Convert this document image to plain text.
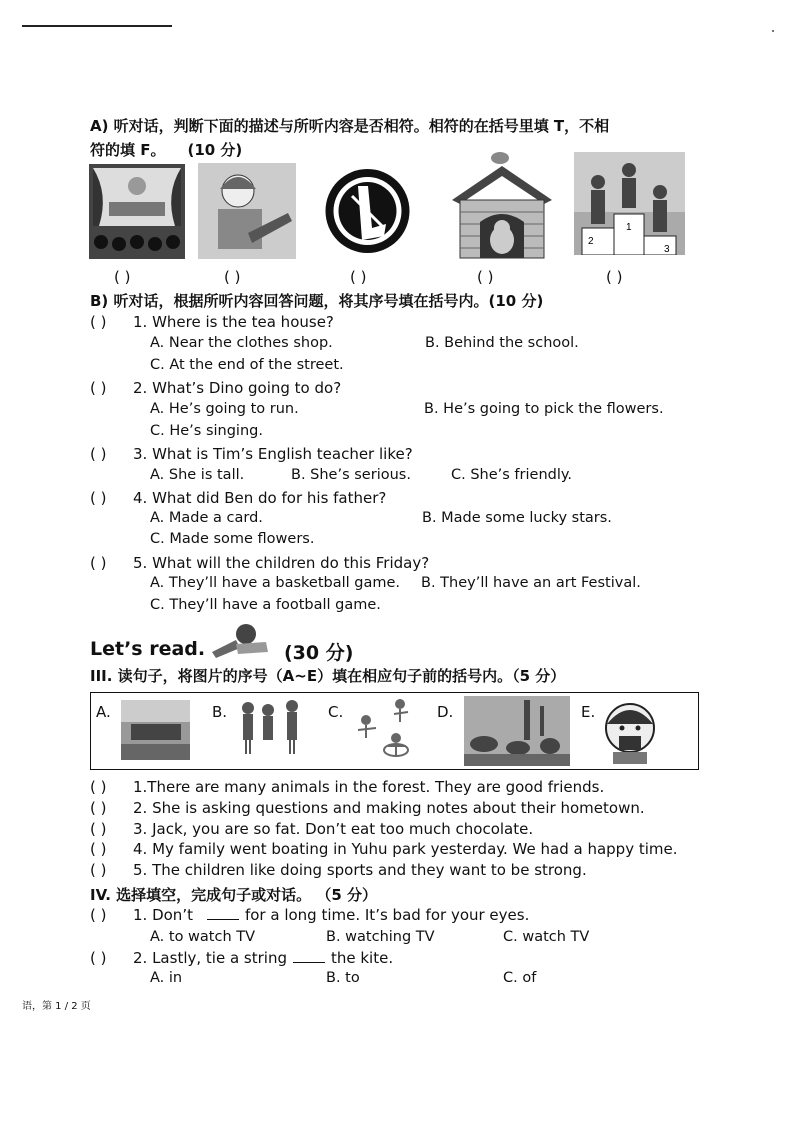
A) 听对话，判断下面的描述与所听内容是否相符。相符的在括号里填 T，不相
符的填 F。 (10 分)
1
2
3
( )	( )	( )	( )	( )
B) 听对话，根据所听内容回答问题，将其序号填在括号内。(10 分)
( ) 1. Where is the tea house?
A. Near the clothes shop.	B. Behind the school.
C. At the end of the street.
( ) 2. What’s Dino going to do?
A. He’s going to run.	B. He’s going to pick the flowers.
C. He’s singing.
( ) 3. What is Tim’s English teacher like?
A. She is tall.	B. She’s serious.	C. She’s friendly.
( ) 4. What did Ben do for his father?
A. Made a card.	B. Made some lucky stars.
C. Made some flowers.
( ) 5. What will the children do this Friday?
A. They’ll have a basketball game. B. They’ll have an art Festival.
C. They’ll have a football game.
Let’s read.	(30 分)
III. 读句子，将图片的序号（A~E）填在相应句子前的括号内。（5 分）
A.	B.	C.	D.	E.
( ) 1.There are many animals in the forest. They are good friends.
( ) 2. She is asking questions and making notes about their hometown.
( ) 3. Jack, you are so fat. Don’t eat too much chocolate.
( ) 4. My family went boating in Yuhu park yesterday. We had a happy time.
( ) 5. The children like doing sports and they want to be strong.
IV. 选择填空，完成句子或对话。 （5 分）
( ) 1. Don’t	for a long time. It’s bad for your eyes.
A. to watch TV	B. watching TV	C. watch TV
( ) 2. Lastly, tie a string	the kite.
A. in	B. to	C. of
语，第 1 / 2 页
